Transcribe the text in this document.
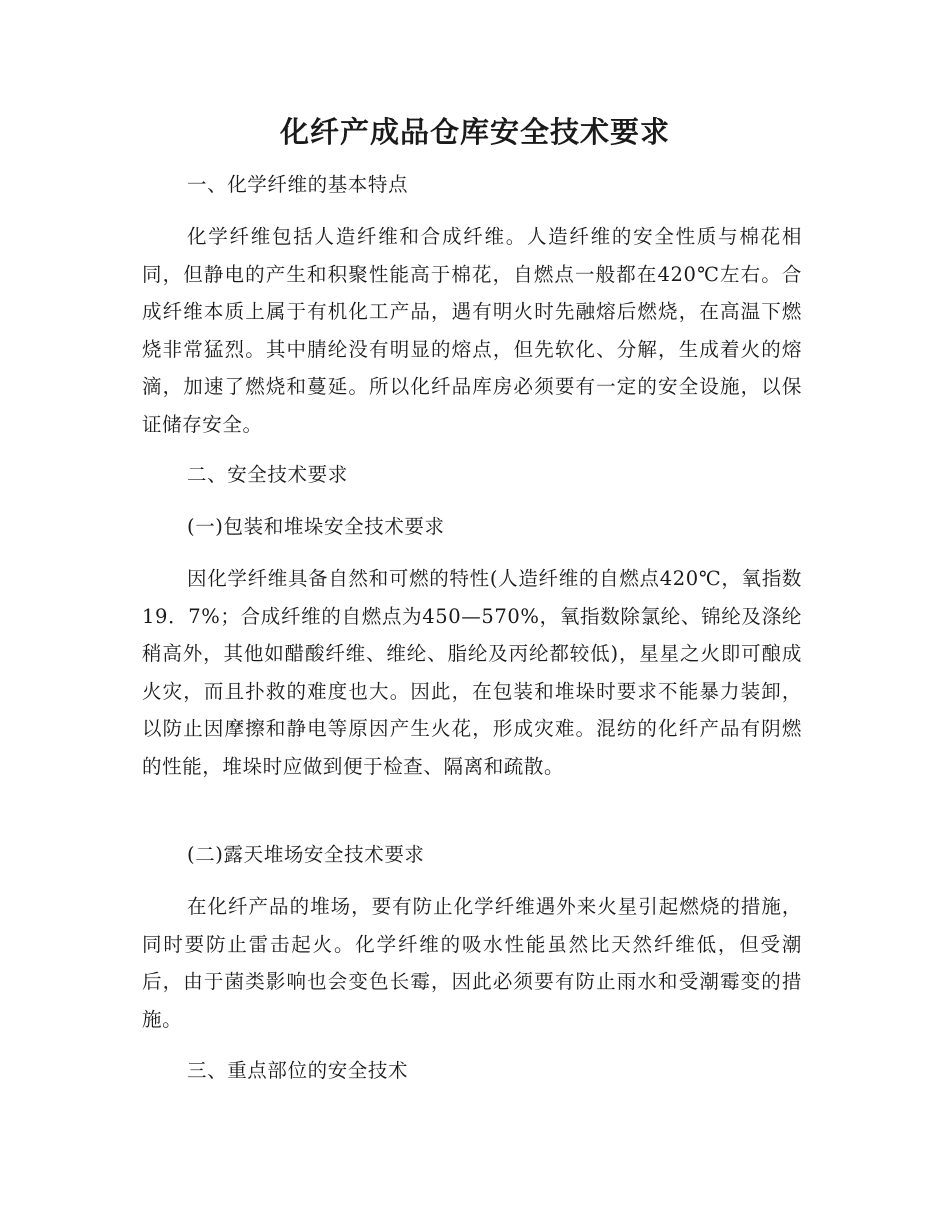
化纤产成品仓库安全技术要求

一、化学纤维的基本特点

化学纤维包括人造纤维和合成纤维。人造纤维的安全性质与棉花相同，但静电的产生和积聚性能高于棉花，自燃点一般都在420℃左右。合成纤维本质上属于有机化工产品，遇有明火时先融熔后燃烧，在高温下燃烧非常猛烈。其中腈纶没有明显的熔点，但先软化、分解，生成着火的熔滴，加速了燃烧和蔓延。所以化纤品库房必须要有一定的安全设施，以保证储存安全。

二、安全技术要求

(一)包装和堆垛安全技术要求

因化学纤维具备自然和可燃的特性(人造纤维的自燃点420℃，氧指数19．7%；合成纤维的自燃点为450—570%，氧指数除氯纶、锦纶及涤纶稍高外，其他如醋酸纤维、维纶、脂纶及丙纶都较低)，星星之火即可酿成火灾，而且扑救的难度也大。因此，在包装和堆垛时要求不能暴力装卸，以防止因摩擦和静电等原因产生火花，形成灾难。混纺的化纤产品有阴燃的性能，堆垛时应做到便于检查、隔离和疏散。

(二)露天堆场安全技术要求

在化纤产品的堆场，要有防止化学纤维遇外来火星引起燃烧的措施，同时要防止雷击起火。化学纤维的吸水性能虽然比天然纤维低，但受潮后，由于菌类影响也会变色长霉，因此必须要有防止雨水和受潮霉变的措施。

三、重点部位的安全技术
